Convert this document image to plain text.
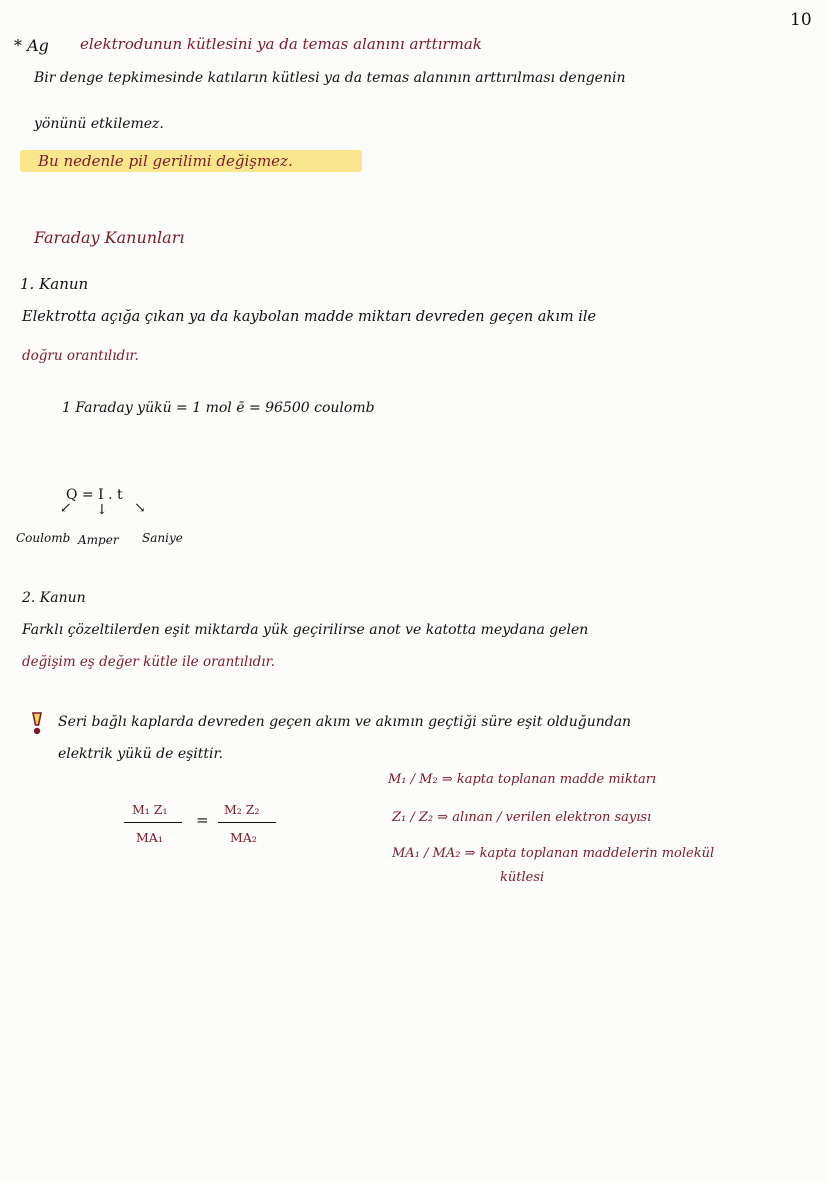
10
* Ag elektrodunun kütlesini ya da temas alanını arttırmak
Bir denge tepkimesinde katıların kütlesi ya da temas alanının arttırılması dengenin
yönünü etkilemez.
Bu nedenle pil gerilimi değişmez.
Faraday Kanunları
1. Kanun
Elektrotta açığa çıkan ya da kaybolan madde miktarı devreden geçen akım ile
doğru orantılıdır.
1 Faraday yükü = 1 mol ē = 96500 coulomb
Q = I . t
↙ ↓ ↘
Coulomb Amper Saniye
2. Kanun
Farklı çözeltilerden eşit miktarda yük geçirilirse anot ve katotta meydana gelen
değişim eş değer kütle ile orantılıdır.
Seri bağlı kaplarda devreden geçen akım ve akımın geçtiği süre eşit olduğundan
elektrik yükü de eşittir.
M₁ Z₁
MA₁
=
M₂ Z₂
MA₂
M₁ / M₂ ⇒ kapta toplanan madde miktarı
Z₁ / Z₂ ⇒ alınan / verilen elektron sayısı
MA₁ / MA₂ ⇒ kapta toplanan maddelerin molekül
kütlesi
